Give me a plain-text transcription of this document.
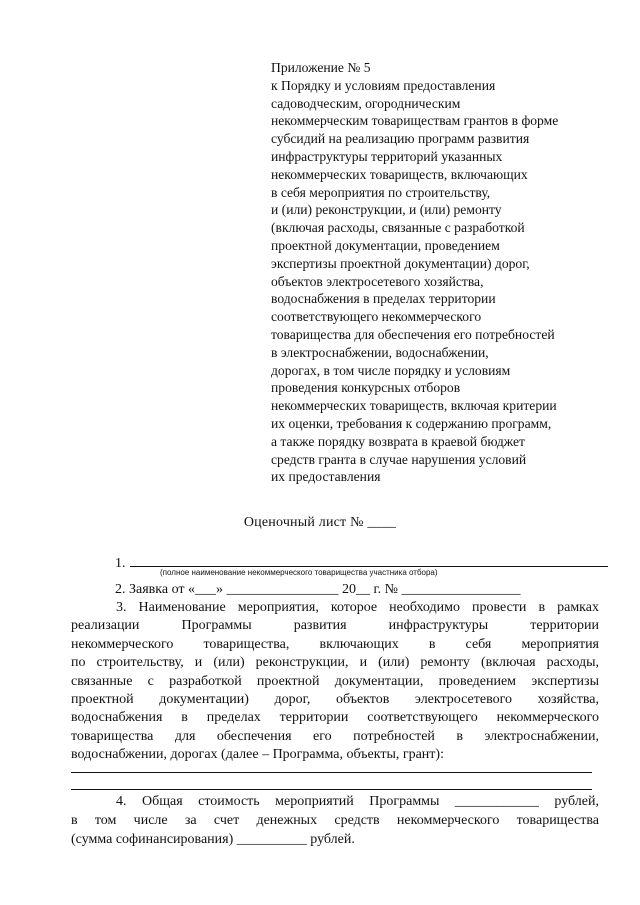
Приложение № 5
к Порядку и условиям предоставления
садоводческим, огородническим
некоммерческим товариществам грантов в форме
субсидий на реализацию программ развития
инфраструктуры территорий указанных
некоммерческих товариществ, включающих
в себя мероприятия по строительству,
и (или) реконструкции, и (или) ремонту
(включая расходы, связанные с разработкой
проектной документации, проведением
экспертизы проектной документации) дорог,
объектов электросетевого хозяйства,
водоснабжения в пределах территории
соответствующего некоммерческого
товарищества для обеспечения его потребностей
в электроснабжении, водоснабжении,
дорогах, в том числе порядку и условиям
проведения конкурсных отборов
некоммерческих товариществ, включая критерии
их оценки, требования к содержанию программ,
а также порядку возврата в краевой бюджет
средств гранта в случае нарушения условий
их предоставления
Оценочный лист № ____
1.
(полное наименование некоммерческого товарищества участника отбора)
2. Заявка от «___» ________________ 20__ г. № _________________
3. Наименование мероприятия, которое необходимо провести в рамках
реализации Программы развития инфраструктуры территории
некоммерческого товарищества, включающих в себя мероприятия
по строительству, и (или) реконструкции, и (или) ремонту (включая расходы,
связанные с разработкой проектной документации, проведением экспертизы
проектной документации) дорог, объектов электросетевого хозяйства,
водоснабжения в пределах территории соответствующего некоммерческого
товарищества для обеспечения его потребностей в электроснабжении,
водоснабжении, дорогах (далее – Программа, объекты, грант):
4. Общая стоимость мероприятий Программы ____________ рублей,
в том числе за счет денежных средств некоммерческого товарищества
(сумма софинансирования) __________ рублей.
